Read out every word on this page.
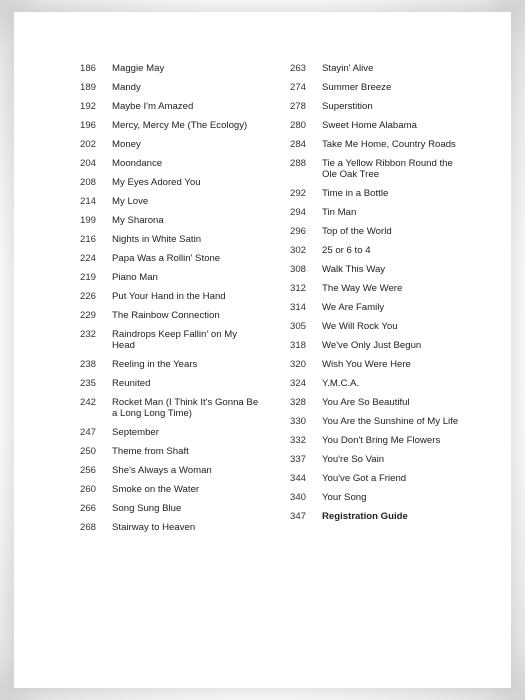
186 Maggie May
189 Mandy
192 Maybe I'm Amazed
196 Mercy, Mercy Me (The Ecology)
202 Money
204 Moondance
208 My Eyes Adored You
214 My Love
199 My Sharona
216 Nights in White Satin
224 Papa Was a Rollin' Stone
219 Piano Man
226 Put Your Hand in the Hand
229 The Rainbow Connection
232 Raindrops Keep Fallin' on My Head
238 Reeling in the Years
235 Reunited
242 Rocket Man (I Think It's Gonna Be a Long Long Time)
247 September
250 Theme from Shaft
256 She's Always a Woman
260 Smoke on the Water
266 Song Sung Blue
268 Stairway to Heaven
263 Stayin' Alive
274 Summer Breeze
278 Superstition
280 Sweet Home Alabama
284 Take Me Home, Country Roads
288 Tie a Yellow Ribbon Round the Ole Oak Tree
292 Time in a Bottle
294 Tin Man
296 Top of the World
302 25 or 6 to 4
308 Walk This Way
312 The Way We Were
314 We Are Family
305 We Will Rock You
318 We've Only Just Begun
320 Wish You Were Here
324 Y.M.C.A.
328 You Are So Beautiful
330 You Are the Sunshine of My Life
332 You Don't Bring Me Flowers
337 You're So Vain
344 You've Got a Friend
340 Your Song
347 Registration Guide
